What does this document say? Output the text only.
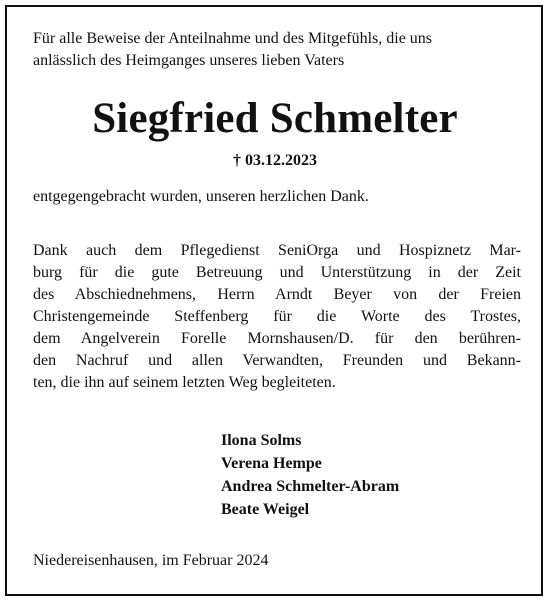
Für alle Beweise der Anteilnahme und des Mitgefühls, die uns
anlässlich des Heimganges unseres lieben Vaters

Siegfried Schmelter
† 03.12.2023

entgegengebracht wurden, unseren herzlichen Dank.

Dank auch dem Pflegedienst SeniOrga und Hospiznetz Mar-
burg für die gute Betreuung und Unterstützung in der Zeit
des Abschiednehmens, Herrn Arndt Beyer von der Freien
Christengemeinde Steffenberg für die Worte des Trostes,
dem Angelverein Forelle Mornshausen/D. für den berühren-
den Nachruf und allen Verwandten, Freunden und Bekann-
ten, die ihn auf seinem letzten Weg begleiteten.

Ilona Solms
Verena Hempe
Andrea Schmelter-Abram
Beate Weigel

Niedereisenhausen, im Februar 2024
